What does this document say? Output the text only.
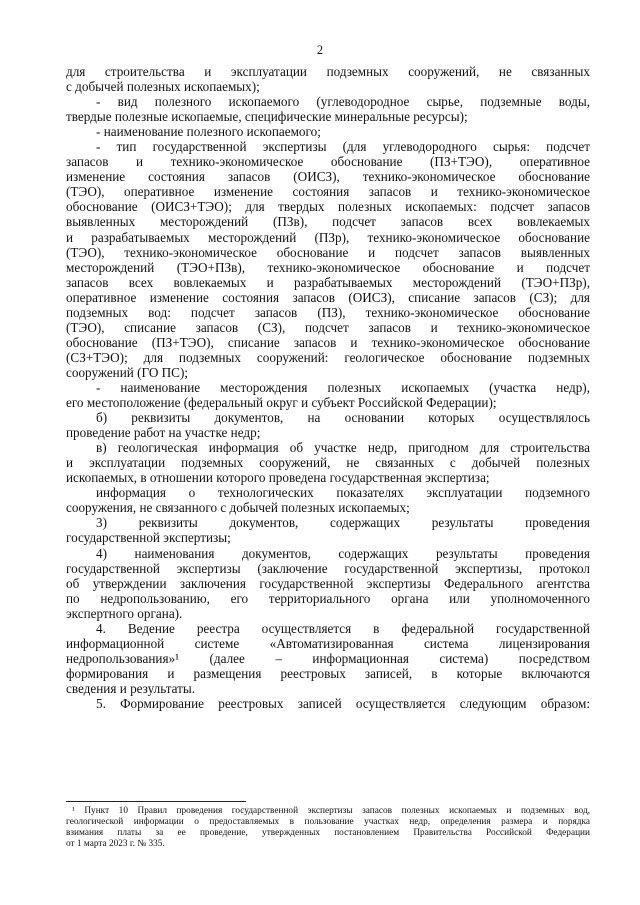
2
для строительства и эксплуатации подземных сооружений, не связанных
с добычей полезных ископаемых);
- вид полезного ископаемого (углеводородное сырье, подземные воды,
твердые полезные ископаемые, специфические минеральные ресурсы);
- наименование полезного ископаемого;
- тип государственной экспертизы (для углеводородного сырья: подсчет
запасов и технико-экономическое обоснование (ПЗ+ТЭО), оперативное
изменение состояния запасов (ОИСЗ), технико-экономическое обоснование
(ТЭО), оперативное изменение состояния запасов и технико-экономическое
обоснование (ОИСЗ+ТЭО); для твердых полезных ископаемых: подсчет запасов
выявленных месторождений (ПЗв), подсчет запасов всех вовлекаемых
и разрабатываемых месторождений (ПЗр), технико-экономическое обоснование
(ТЭО), технико-экономическое обоснование и подсчет запасов выявленных
месторождений (ТЭО+ПЗв), технико-экономическое обоснование и подсчет
запасов всех вовлекаемых и разрабатываемых месторождений (ТЭО+ПЗр),
оперативное изменение состояния запасов (ОИСЗ), списание запасов (СЗ); для
подземных вод: подсчет запасов (ПЗ), технико-экономическое обоснование
(ТЭО), списание запасов (СЗ), подсчет запасов и технико-экономическое
обоснование (ПЗ+ТЭО), списание запасов и технико-экономическое обоснование
(СЗ+ТЭО); для подземных сооружений: геологическое обоснование подземных
сооружений (ГО ПС);
- наименование месторождения полезных ископаемых (участка недр),
его местоположение (федеральный округ и субъект Российской Федерации);
б) реквизиты документов, на основании которых осуществлялось
проведение работ на участке недр;
в) геологическая информация об участке недр, пригодном для строительства
и эксплуатации подземных сооружений, не связанных с добычей полезных
ископаемых, в отношении которого проведена государственная экспертиза;
информация о технологических показателях эксплуатации подземного
сооружения, не связанного с добычей полезных ископаемых;
3) реквизиты документов, содержащих результаты проведения
государственной экспертизы;
4) наименования документов, содержащих результаты проведения
государственной экспертизы (заключение государственной экспертизы, протокол
об утверждении заключения государственной экспертизы Федерального агентства
по недропользованию, его территориального органа или уполномоченного
экспертного органа).
4. Ведение реестра осуществляется в федеральной государственной
информационной системе «Автоматизированная система лицензирования
недропользования»¹ (далее – информационная система) посредством
формирования и размещения реестровых записей, в которые включаются
сведения и результаты.
5. Формирование реестровых записей осуществляется следующим образом:
¹ Пункт 10 Правил проведения государственной экспертизы запасов полезных ископаемых и подземных вод,
геологической информации о предоставляемых в пользование участках недр, определения размера и порядка
взимания платы за ее проведение, утвержденных постановлением Правительства Российской Федерации
от 1 марта 2023 г. № 335.
